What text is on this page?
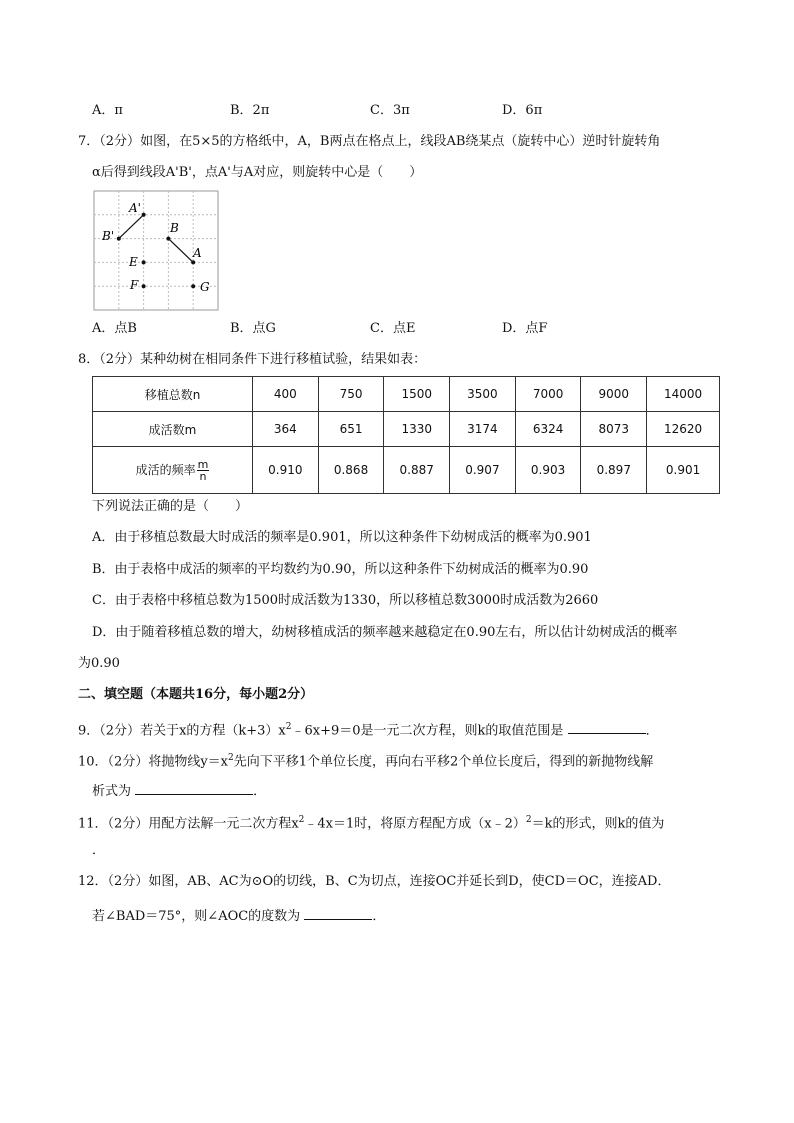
A．π	B．2π	C．3π	D．6π
7．（2分）如图，在5×5的方格纸中，A，B两点在格点上，线段AB绕某点（旋转中心）逆时针旋转角
α后得到线段A'B'，点A'与A对应，则旋转中心是（　　）
A'
B'
B
A
E
F	G
A．点B	B．点G	C．点E	D．点F
8．（2分）某种幼树在相同条件下进行移植试验，结果如表：
移植总数n	400	750	1500	3500	7000	9000	14000
成活数m	364	651	1330	3174	6324	8073	12620
成活的频率 $\frac{m}{n}$	0.910	0.868	0.887	0.907	0.903	0.897	0.901
下列说法正确的是（　　）
A．由于移植总数最大时成活的频率是0.901，所以这种条件下幼树成活的概率为0.901
B．由于表格中成活的频率的平均数约为0.90，所以这种条件下幼树成活的概率为0.90
C．由于表格中移植总数为1500时成活数为1330，所以移植总数3000时成活数为2660
D．由于随着移植总数的增大，幼树移植成活的频率越来越稳定在0.90左右，所以估计幼树成活的概率
为0.90
二、填空题（本题共16分，每小题2分）
9．（2分）若关于x的方程$(k+3)x^2﹣6x+9=0$是一元二次方程，则k的取值范围是	．
10．（2分）将抛物线$y=x^2$先向下平移1个单位长度，再向右平移2个单位长度后，得到的新抛物线解
析式为	．
11．（2分）用配方法解一元二次方程$x^2﹣4x=1$时，将原方程配方成（x﹣2）$^2$＝k的形式，则k的值为
．
12．（2分）如图，AB、AC为⊙O的切线，B、C为切点，连接OC并延长到D，使CD＝OC，连接AD．
若∠BAD＝75°，则∠AOC的度数为	．
